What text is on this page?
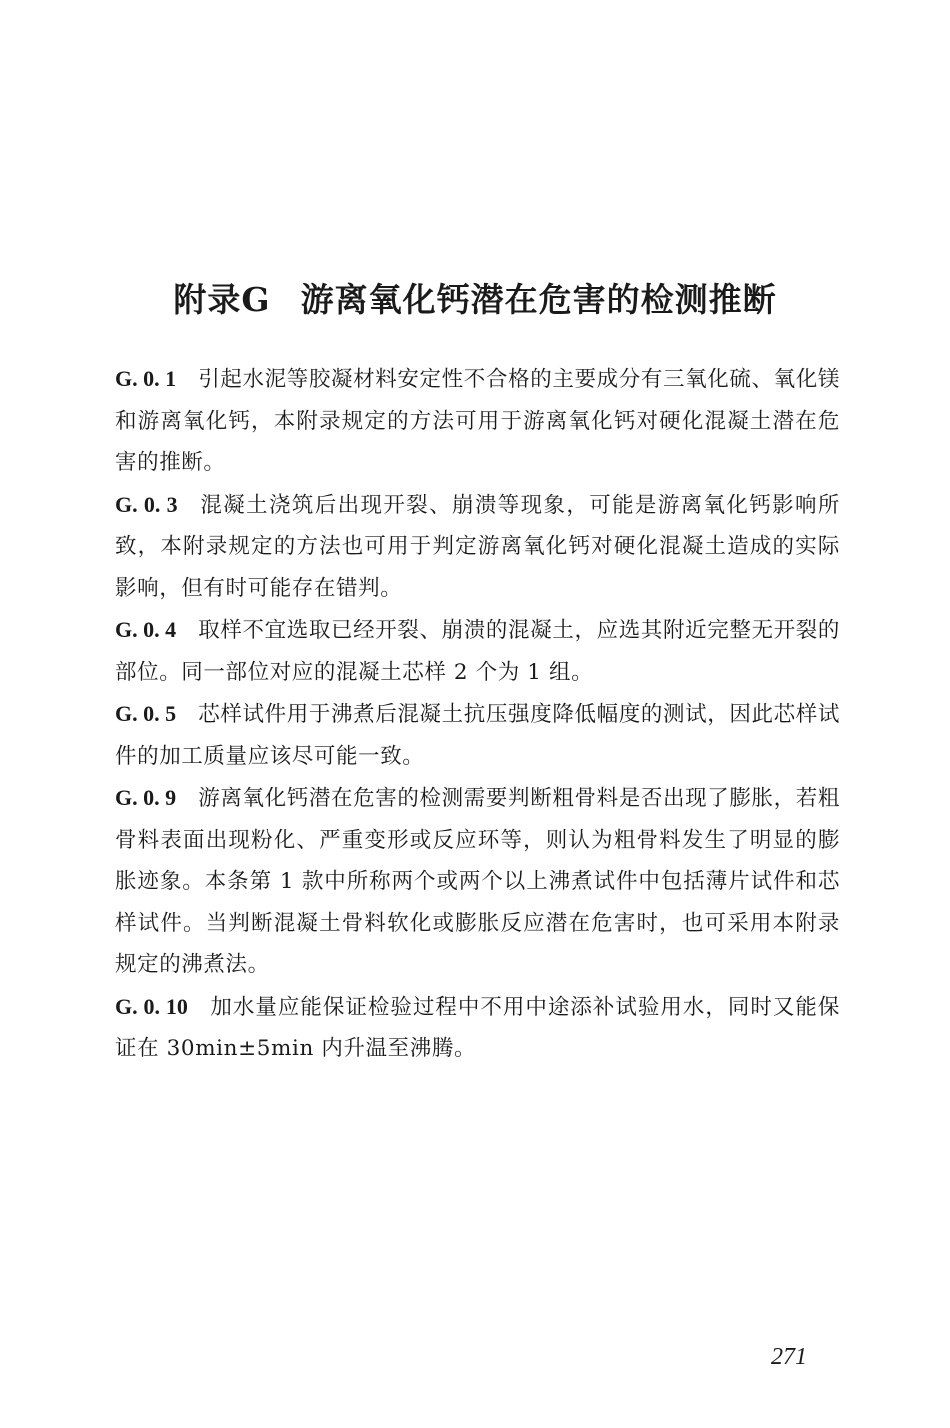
附录G 游离氧化钙潜在危害的检测推断

G. 0. 1 引起水泥等胶凝材料安定性不合格的主要成分有三氧化硫、氧化镁和游离氧化钙，本附录规定的方法可用于游离氧化钙对硬化混凝土潜在危害的推断。

G. 0. 3 混凝土浇筑后出现开裂、崩溃等现象，可能是游离氧化钙影响所致，本附录规定的方法也可用于判定游离氧化钙对硬化混凝土造成的实际影响，但有时可能存在错判。

G. 0. 4 取样不宜选取已经开裂、崩溃的混凝土，应选其附近完整无开裂的部位。同一部位对应的混凝土芯样 2 个为 1 组。

G. 0. 5 芯样试件用于沸煮后混凝土抗压强度降低幅度的测试，因此芯样试件的加工质量应该尽可能一致。

G. 0. 9 游离氧化钙潜在危害的检测需要判断粗骨料是否出现了膨胀，若粗骨料表面出现粉化、严重变形或反应环等，则认为粗骨料发生了明显的膨胀迹象。本条第 1 款中所称两个或两个以上沸煮试件中包括薄片试件和芯样试件。当判断混凝土骨料软化或膨胀反应潜在危害时，也可采用本附录规定的沸煮法。

G. 0. 10 加水量应能保证检验过程中不用中途添补试验用水，同时又能保证在 30min±5min 内升温至沸腾。

271
